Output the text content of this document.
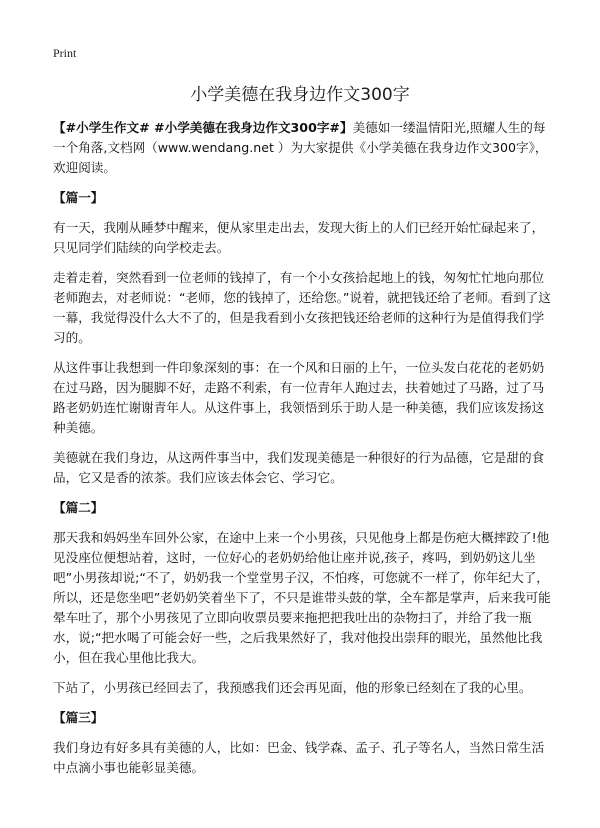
Print
小学美德在我身边作文300字

【#小学生作文# #小学美德在我身边作文300字#】美德如一缕温情阳光,照耀人生的每一个角落,文档网（www.wendang.net ）为大家提供《小学美德在我身边作文300字》，欢迎阅读。

【篇一】

有一天，我刚从睡梦中醒来，便从家里走出去，发现大街上的人们已经开始忙碌起来了，只见同学们陆续的向学校走去。

走着走着，突然看到一位老师的钱掉了，有一个小女孩拾起地上的钱，匆匆忙忙地向那位老师跑去，对老师说：“老师，您的钱掉了，还给您。”说着，就把钱还给了老师。看到了这一幕，我觉得没什么大不了的，但是我看到小女孩把钱还给老师的这种行为是值得我们学习的。

从这件事让我想到一件印象深刻的事：在一个风和日丽的上午，一位头发白花花的老奶奶在过马路，因为腿脚不好，走路不利索，有一位青年人跑过去，扶着她过了马路，过了马路老奶奶连忙谢谢青年人。从这件事上，我领悟到乐于助人是一种美德，我们应该发扬这种美德。

美德就在我们身边，从这两件事当中，我们发现美德是一种很好的行为品德，它是甜的食品，它又是香的浓茶。我们应该去体会它、学习它。

【篇二】

那天我和妈妈坐车回外公家，在途中上来一个小男孩，只见他身上都是伤疤大概摔跤了!他见没座位便想站着，这时，一位好心的老奶奶给他让座并说,孩子，疼吗，到奶奶这儿坐吧”小男孩却说;“不了，奶奶我一个堂堂男子汉，不怕疼，可您就不一样了，你年纪大了，所以，还是您坐吧”老奶奶笑着坐下了，不只是谁带头鼓的掌，全车都是掌声，后来我可能晕车吐了，那个小男孩见了立即向收票员要来拖把把我吐出的杂物扫了，并给了我一瓶水，说;“把水喝了可能会好一些，之后我果然好了，我对他投出崇拜的眼光，虽然他比我小，但在我心里他比我大。

下站了，小男孩已经回去了，我预感我们还会再见面，他的形象已经刻在了我的心里。

【篇三】

我们身边有好多具有美德的人，比如：巴金、钱学森、孟子、孔子等名人，当然日常生活中点滴小事也能彰显美德。
